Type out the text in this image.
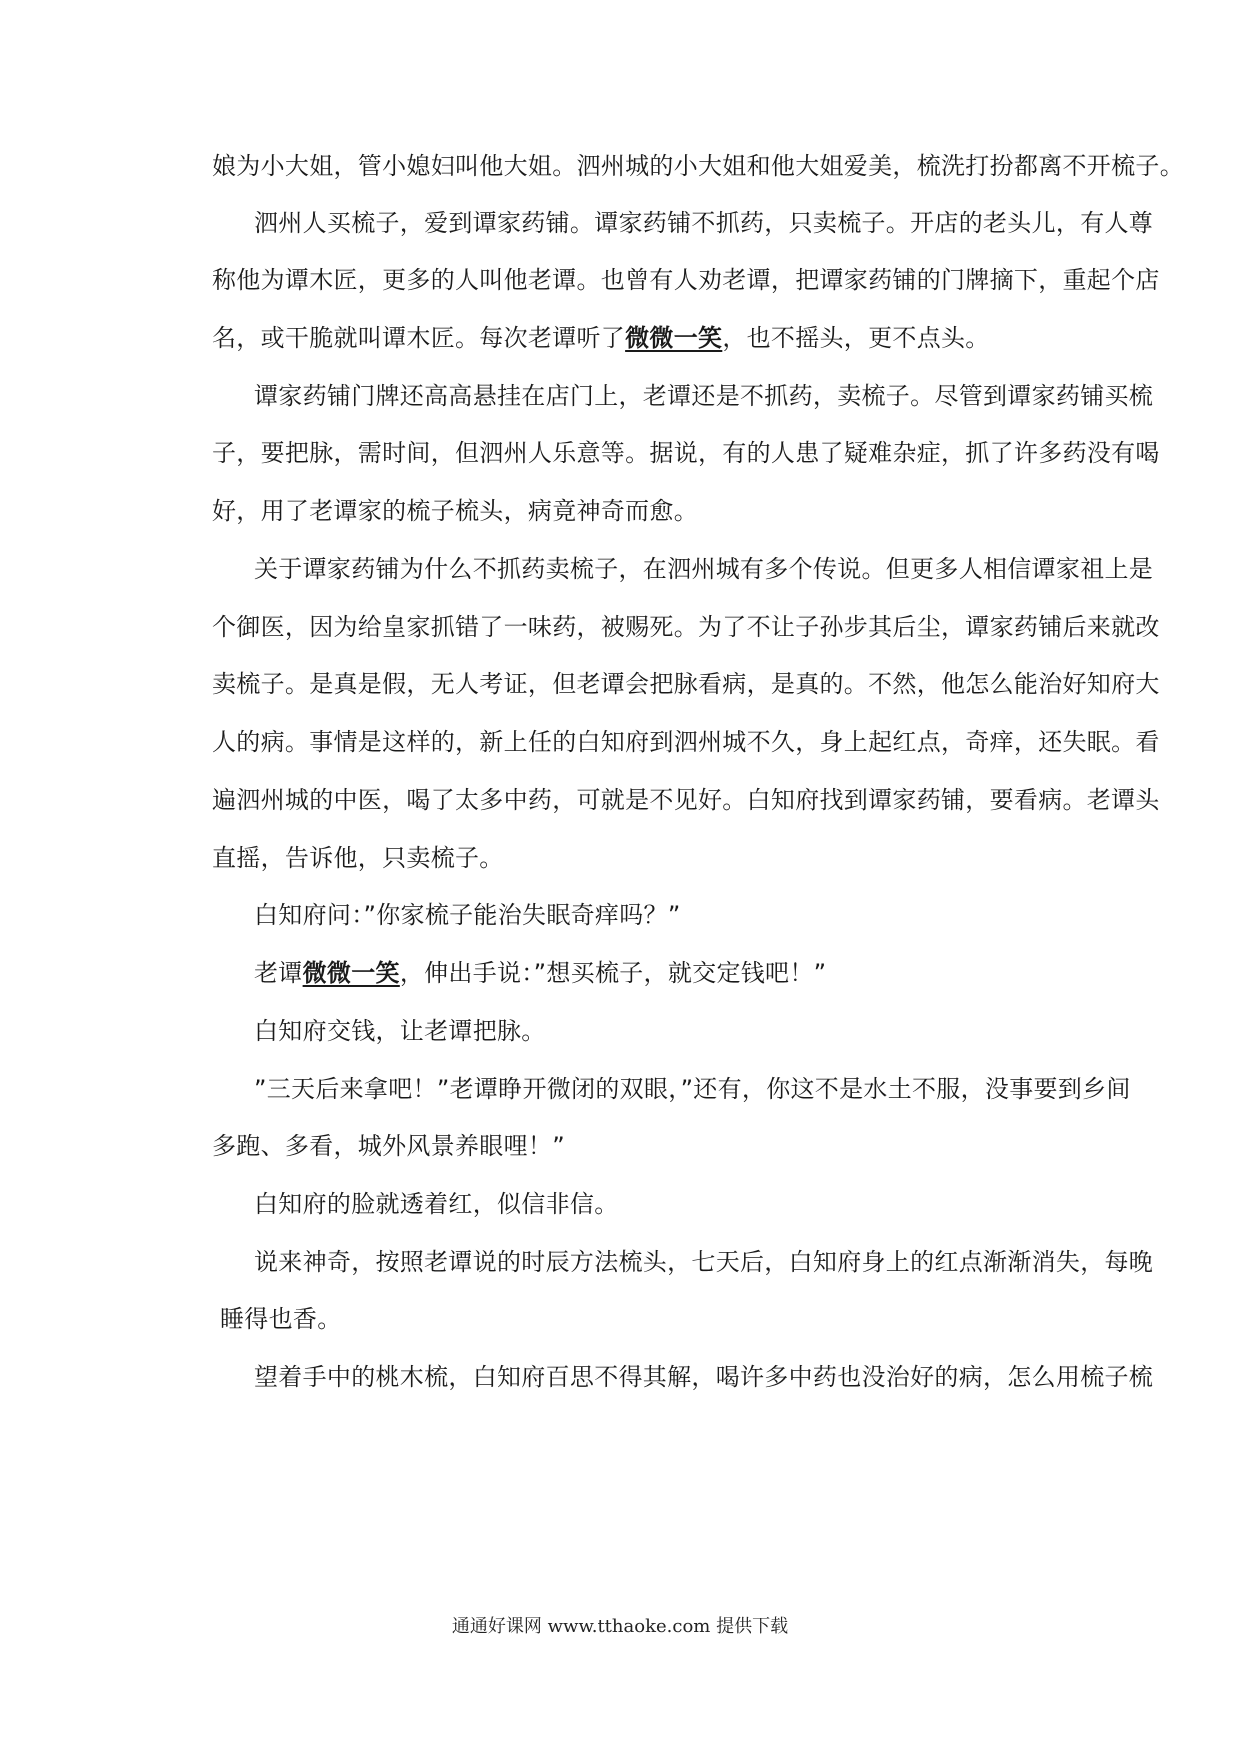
娘为小大姐，管小媳妇叫他大姐。泗州城的小大姐和他大姐爱美，梳洗打扮都离不开梳子。
泗州人买梳子，爱到谭家药铺。谭家药铺不抓药，只卖梳子。开店的老头儿，有人尊
称他为谭木匠，更多的人叫他老谭。也曾有人劝老谭，把谭家药铺的门牌摘下，重起个店
名，或干脆就叫谭木匠。每次老谭听了微微一笑，也不摇头，更不点头。
谭家药铺门牌还高高悬挂在店门上，老谭还是不抓药，卖梳子。尽管到谭家药铺买梳
子，要把脉，需时间，但泗州人乐意等。据说，有的人患了疑难杂症，抓了许多药没有喝
好，用了老谭家的梳子梳头，病竟神奇而愈。
关于谭家药铺为什么不抓药卖梳子，在泗州城有多个传说。但更多人相信谭家祖上是
个御医，因为给皇家抓错了一味药，被赐死。为了不让子孙步其后尘，谭家药铺后来就改
卖梳子。是真是假，无人考证，但老谭会把脉看病，是真的。不然，他怎么能治好知府大
人的病。事情是这样的，新上任的白知府到泗州城不久，身上起红点，奇痒，还失眠。看
遍泗州城的中医，喝了太多中药，可就是不见好。白知府找到谭家药铺，要看病。老谭头
直摇，告诉他，只卖梳子。
白知府问：”你家梳子能治失眠奇痒吗？”
老谭微微一笑，伸出手说：”想买梳子，就交定钱吧！”
白知府交钱，让老谭把脉。
”三天后来拿吧！”老谭睁开微闭的双眼，”还有，你这不是水土不服，没事要到乡间
多跑、多看，城外风景养眼哩！”
白知府的脸就透着红，似信非信。
说来神奇，按照老谭说的时辰方法梳头，七天后，白知府身上的红点渐渐消失，每晚
睡得也香。
望着手中的桃木梳，白知府百思不得其解，喝许多中药也没治好的病，怎么用梳子梳
通通好课网 www.tthaoke.com 提供下载
